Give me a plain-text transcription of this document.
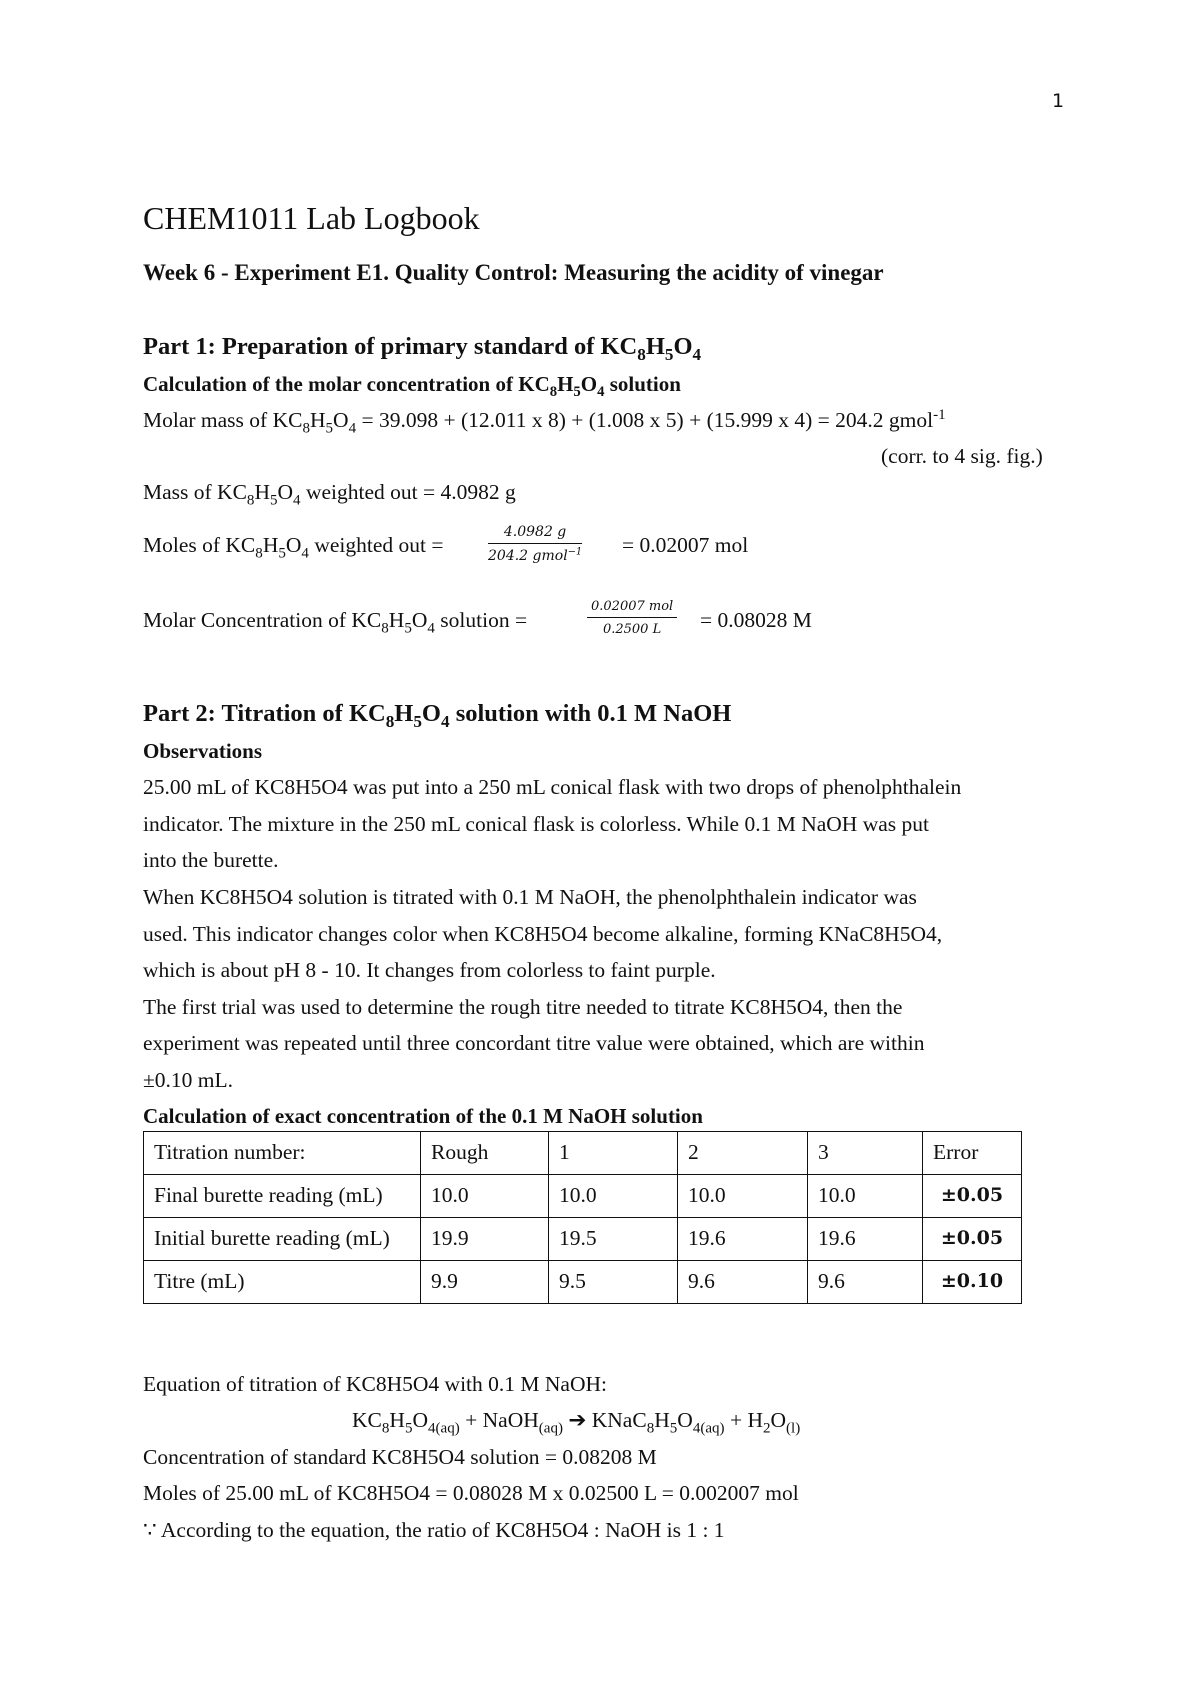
1
CHEM1011 Lab Logbook
Week 6 - Experiment E1. Quality Control: Measuring the acidity of vinegar
Part 1: Preparation of primary standard of $KC_8H_5O_4$
Calculation of the molar concentration of $KC_8H_5O_4$ solution
Molar mass of $KC_8H_5O_4 = 39.098 + (12.011$ x 8) + (1.008 x 5) + (15.999 x 4) = 204.2 gmol$^{-1}$
(corr. to 4 sig. fig.)
Mass of $KC_8H_5O_4$ weighted out = 4.0982 g
Moles of $KC_8H_5O_4$ weighted out =
4.0982 g
204.2 gmol$^{-1}$ = 0.02007 mol
Molar Concentration of $KC_8H_5O_4$ solution =
0.02007 mol
0.2500 L	= 0.08028 M
Part 2: Titration of $KC_8H_5O_4$ solution with 0.1 M NaOH
Observations
25.00 mL of KC8H5O4 was put into a 250 mL conical flask with two drops of phenolphthalein
indicator. The mixture in the 250 mL conical flask is colorless. While 0.1 M NaOH was put
into the burette.
When KC8H5O4 solution is titrated with 0.1 M NaOH, the phenolphthalein indicator was
used. This indicator changes color when KC8H5O4 become alkaline, forming KNaC8H5O4,
which is about pH 8 - 10. It changes from colorless to faint purple.
The first trial was used to determine the rough titre needed to titrate KC8H5O4, then the
experiment was repeated until three concordant titre value were obtained, which are within
±0.10 mL.
Calculation of exact concentration of the 0.1 M NaOH solution
Titration number:	Rough	1	2	3	Error
Final burette reading (mL)	10.0	10.0	10.0	10.0	±0.05
Initial burette reading (mL)	19.9	19.5	19.6	19.6	±0.05
Titre (mL)	9.9	9.5	9.6	9.6	±0.10
Equation of titration of KC8H5O4 with 0.1 M NaOH:
$KC_8H_5O_{4(aq)}$ + NaOH$_{(aq)}$ ➔ $KNaC_8H_5O_{4(aq)} + H_2O_{(l)}$
Concentration of standard KC8H5O4 solution = 0.08208 M
Moles of 25.00 mL of KC8H5O4 = 0.08028 M x 0.02500 L = 0.002007 mol
∵ According to the equation, the ratio of KC8H5O4 : NaOH is 1 : 1
